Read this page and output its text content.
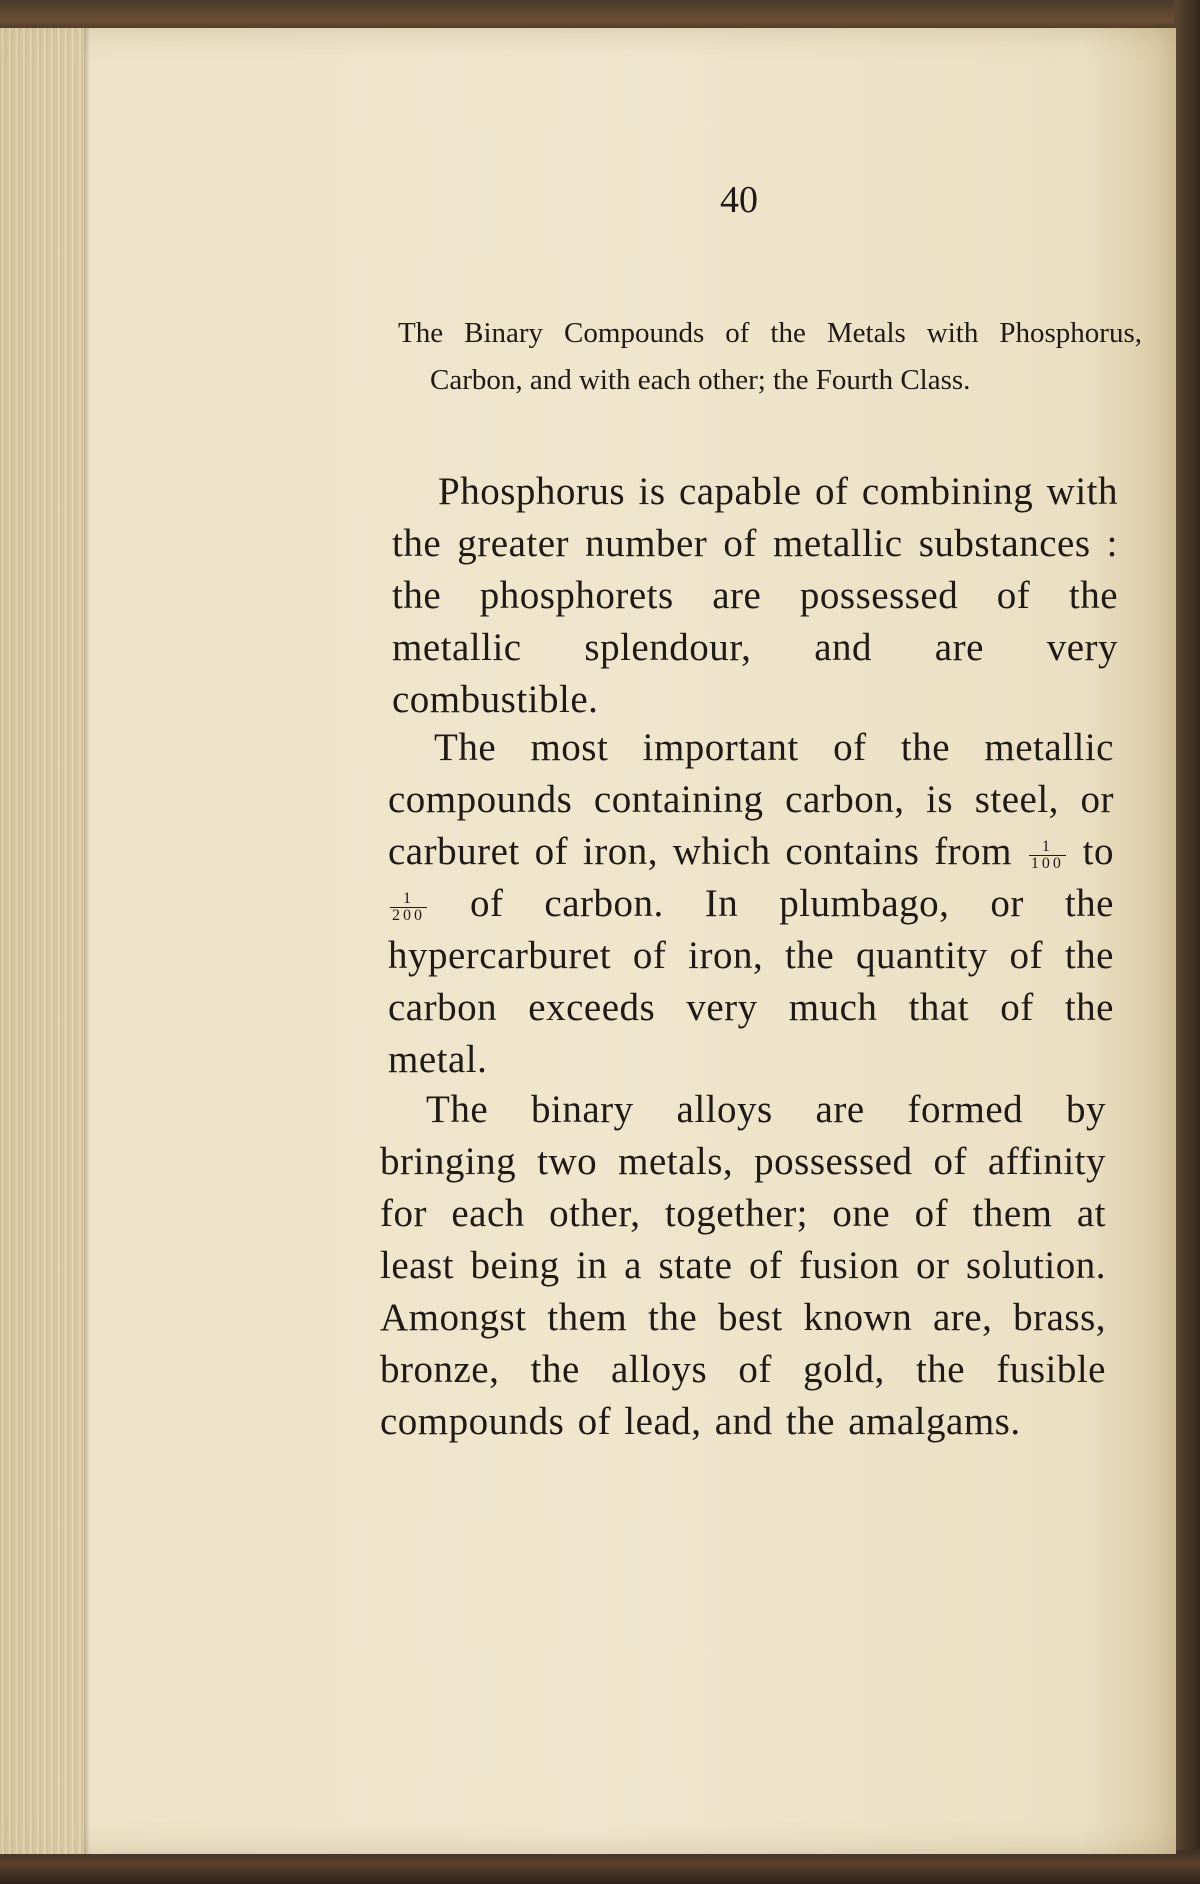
40
The Binary Compounds of the Metals with Phosphorus, Carbon, and with each other; the Fourth Class.
Phosphorus is capable of combining with the greater number of metallic substances : the phosphorets are possessed of the metallic splendour, and are very combustible.
The most important of the metallic compounds containing carbon, is steel, or carburet of iron, which contains from $\frac{1}{100}$ to
$\frac{1}{200}$ of carbon. In plumbago, or the hypercarburet of iron, the quantity of the carbon exceeds very much that of the metal.
The binary alloys are formed by bringing two metals, possessed of affinity for each other, together; one of them at least being in a state of fusion or solution. Amongst them the best known are, brass, bronze, the alloys of gold, the fusible compounds of lead, and the amalgams.
